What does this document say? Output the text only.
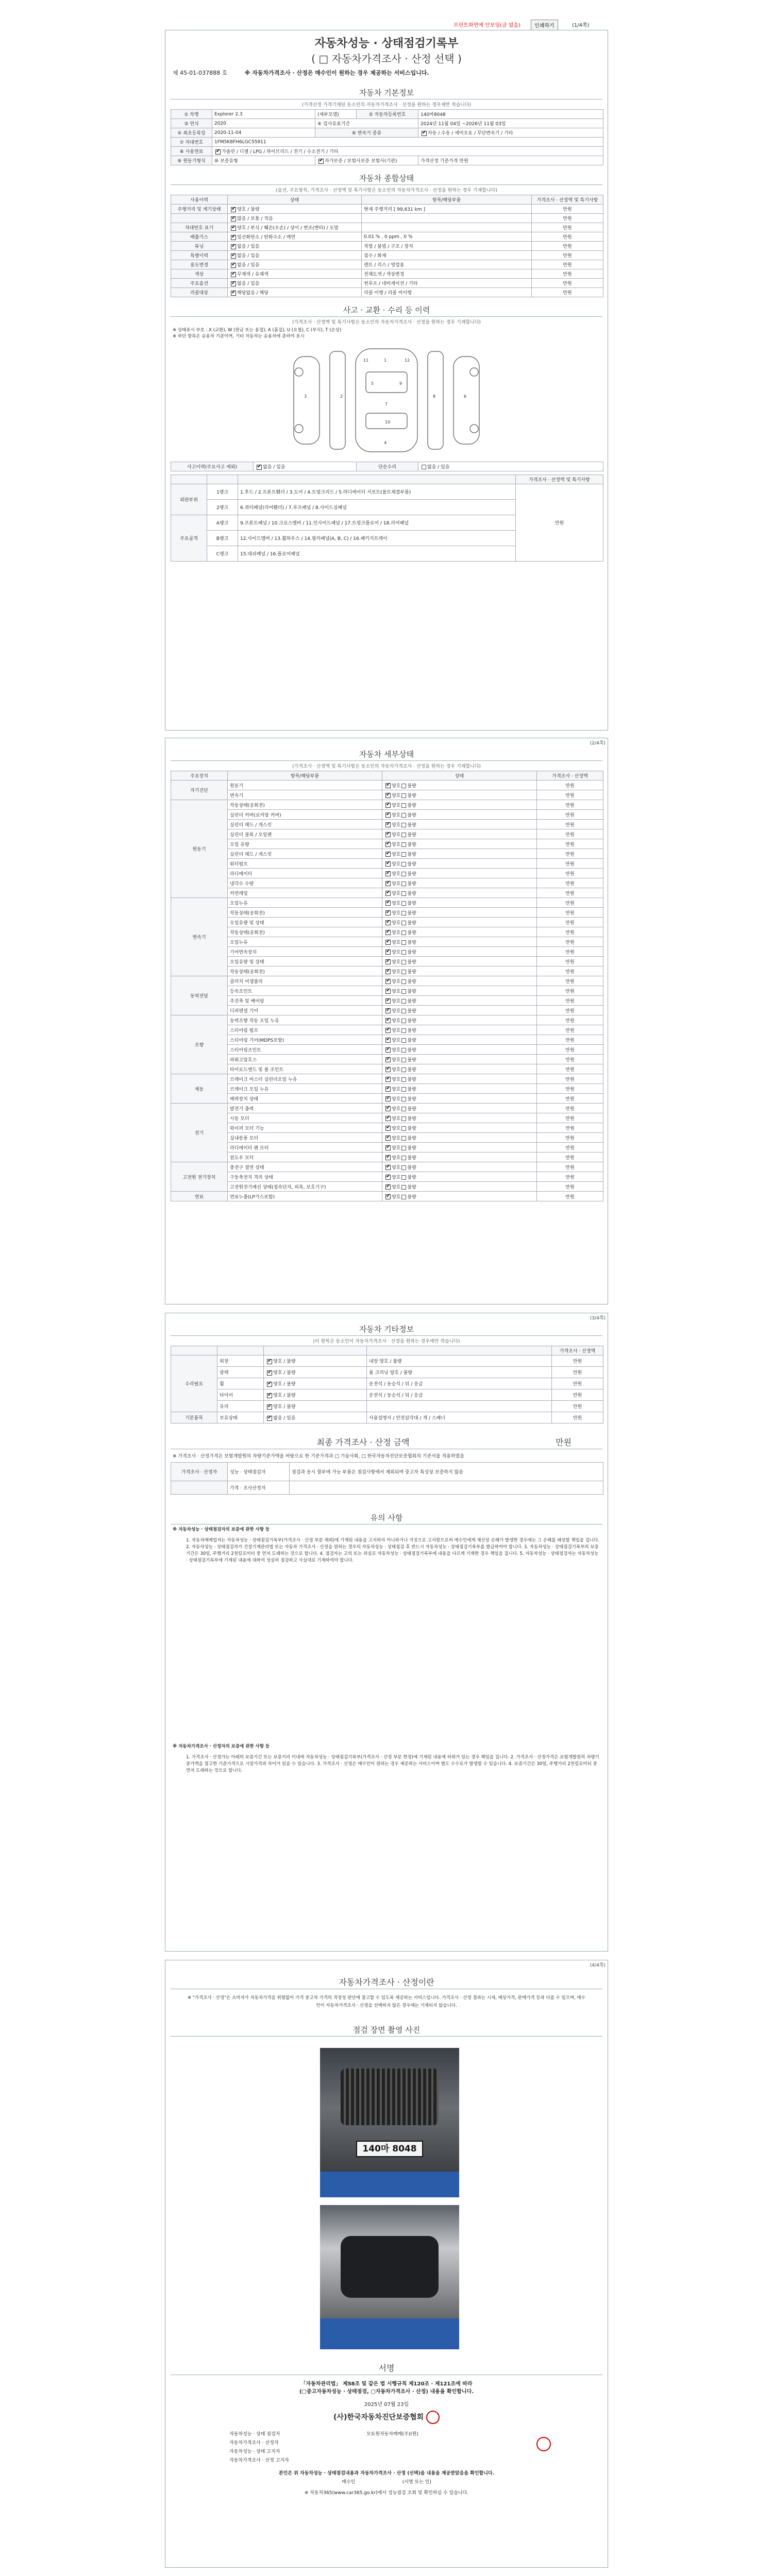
프린트화면에 안보임(클 없음)	인쇄하기	(1/4쪽)
자동차성능 · 상태점검기록부
( □ 자동차가격조사 · 산정 선택 )
제 45-01-037888 호	※ 자동차가격조사 · 산정은 매수인이 원하는 경우 제공하는 서비스입니다.
자동차 기본정보
(가격산정 가격기재된 동소인의 자동차가격조사 · 산정을 원하는 경우제반 적습니다)
① 차명	Explorer 2.3	(세부모델)	② 자동차등록번호	140마8048
③ 연식	2020	④ 검사유효기간		2024년 11월 04일 ~2026년 11월 03일
⑤ 최초등록일	2020-11-04	⑥ 변속기 종류	✔자동 / 수동 / 세미오토 / 무단변속기 / 기타
⑦ 차대번호	1FM5K8FH6LGC55911			
⑧ 사용연료	✔가솔린 / 디젤 / LPG / 하이브리드 / 전기 / 수소전기 / 기타
⑨ 원동기형식	⑩ 보증유형	✔자가보증 / 보험사보증 보험사(기관)		가격산정 기준가격 만원
자동차 종합상태
(옵션, 주요항목, 가격조사 · 산정액 및 특기사항은 동소인의 자동차가격조사 · 산정을 원하는 경우 기재합니다)
사용이력	상태	항목/해당부품	가격조사 · 산정액 및 특기사항
주행거리 및 계기상태	✔양호 / 불량	현재 주행거리 [ 99,631 km ]	만원
	✔많음 / 보통 / 적음		만원
차대번호 표기	✔양호 / 부식 / 훼손(오손) / 상이 / 변조(변타) / 도말		만원
배출가스	✔일산화탄소 / 탄화수소 / 매연	0.01 % , 0 ppm , 0 %	만원
튜닝	✔없음 / 있음	적법 / 불법 / 구조 / 장치	만원
특별이력	✔없음 / 있음	침수 / 화재	만원
용도변경	✔없음 / 있음	렌트 / 리스 / 영업용	만원
색상	✔무채색 / 유채색	전체도색 / 색상변경	만원
주요옵션	✔없음 / 있음	썬루프 / 네비게이션 / 기타	만원
리콜대상	✔해당없음 / 해당	리콜 이행 / 리콜 미이행	만원
사고 · 교환 · 수리 등 이력
(가격조사 · 산정액 및 특기사항은 동소인의 자동차가격조사 · 산정을 원하는 경우 기재합니다)
※ 상태표시 부호 : X (교환), W (판금 또는 용접), A (흠집), U (요철), C (부식), T (손상)
※ 하단 항목은 승용차 기준이며, 기타 자동차는 승용차에 준하여 표시
1
2
3
4
5
6
7
8
9
10
11	12
사고이력(주요사고 제외)	✔없음 / 있음	단순수리	없음 / 있음
			가격조사 · 산정액 및 특기사항
외판부위	1랭크	1.후드 / 2.프론트휀더 / 3.도어 / 4.트렁크리드 / 5.라디에이터 서포트(볼트체결부품)	만원
	2랭크	6.쿼터패널(리어휀더) / 7.루프패널 / 8.사이드실패널	
주요골격	A랭크	9.프론트패널 / 10.크로스멤버 / 11.인사이드패널 / 17.트렁크플로어 / 18.리어패널	
	B랭크	12.사이드멤버 / 13.휠하우스 / 14.필러패널(A, B, C) / 16.패키지트레이	
	C랭크	15.대쉬패널 / 16.플로어패널	
(2/4쪽)
자동차 세부상태
(가격조사 · 산정액 및 특기사항은 동소인의 자동차가격조사 · 산정을 원하는 경우 기재합니다)
주요장치	항목/해당부품	상태	가격조사 · 산정액
자기진단	원동기	✔양호 불량	만원
	변속기	✔양호 불량	만원
원동기	작동상태(공회전)	✔양호 불량	만원
	실린더 커버(로커암 커버)	✔양호 불량	만원
	실린더 헤드 / 개스킷	✔양호 불량	만원
	실린더 블록 / 오일팬	✔양호 불량	만원
	오일 유량	✔양호 불량	만원
	실린더 헤드 / 개스킷	✔양호 불량	만원
	워터펌프	✔양호 불량	만원
	라디에이터	✔양호 불량	만원
	냉각수 수량	✔양호 불량	만원
	커먼레일	✔양호 불량	만원
변속기	오일누유	✔양호 불량	만원
	작동상태(공회전)	✔양호 불량	만원
	오일유량 및 상태	✔양호 불량	만원
	작동상태(공회전)	✔양호 불량	만원
	오일누유	✔양호 불량	만원
	기어변속장치	✔양호 불량	만원
	오일유량 및 상태	✔양호 불량	만원
	작동상태(공회전)	✔양호 불량	만원
동력전달	클러치 어셈블리	✔양호 불량	만원
	등속조인트	✔양호 불량	만원
	추진축 및 베어링	✔양호 불량	만원
	디퍼렌셜 기어	✔양호 불량	만원
조향	동력조향 작동 오일 누유	✔양호 불량	만원
	스티어링 펌프	✔양호 불량	만원
	스티어링 기어(MDPS포함)	✔양호 불량	만원
	스티어링조인트	✔양호 불량	만원
	파워고압호스	✔양호 불량	만원
	타이로드엔드 및 볼 조인트	✔양호 불량	만원
제동	브레이크 마스터 실린더오일 누유	✔양호 불량	만원
	브레이크 오일 누유	✔양호 불량	만원
	배력장치 상태	✔양호 불량	만원
전기	발전기 출력	✔양호 불량	만원
	시동 모터	✔양호 불량	만원
	와이퍼 모터 기능	✔양호 불량	만원
	실내송풍 모터	✔양호 불량	만원
	라디에이터 팬 모터	✔양호 불량	만원
	윈도우 모터	✔양호 불량	만원
고전원 전기장치	충전구 절연 상태	✔양호 불량	만원
	구동축전지 격리 상태	✔양호 불량	만원
	고전원전기배선 상태(접속단자, 피복, 보호기구)	✔양호 불량	만원
연료	연료누출(LP가스포함)	✔양호 불량	만원
(3/4쪽)
자동차 기타정보
(이 항목은 동소인이 자동차가격조사 · 산정을 원하는 경우에만 적습니다)
				가격조사 · 산정액
수리필요	외장	✔양호 / 불량	내장 양호 / 불량	만원
	광택	✔양호 / 불량	룸 크리닝 양호 / 불량	만원
	휠	✔양호 / 불량	운전석 / 동승석 / 뒤 / 응급	만원
	타이어	✔양호 / 불량	운전석 / 동승석 / 뒤 / 응급	만원
	유리	✔양호 / 불량		만원
기본품목	보유상태	✔없음 / 있음	사용설명서 / 안전삼각대 / 잭 / 스패너	만원
최종 가격조사 · 산정 금액	만원
※ 가격조사 · 산정가격은 보험개발원의 차량기준가액을 바탕으로 한 기준가격과 □ 기술사회, □ 한국자동차진단보증협회의 기준서를 적용하였음
가격조사 · 산정자	성능 · 상태점검자	점검과 동시 할부에 가능 부품은 점검사항에서 제외되며 중고차 특성상 보증하지 않음
	가격 · 조사산정자	
유의 사항
※ 자동차성능 · 상태점검자의 보증에 관한 사항 등
1. 자동차매매업자는 자동차성능 · 상태점검기록부(가격조사 · 산정 부분 제외)에 기재된 내용을 고지하지 아니하거나 거짓으로 고지함으로써 매수인에게 재산상 손해가 발생한 경우에는 그 손해를 배상할 책임을 집니다. 2. 자동차성능 · 상태점검자가 건설기계관리법 또는 자동차 가격조사 · 산정을 원하는 경우의 자동차성능 · 상태점검 후 반드시 자동차성능 · 상태점검기록부를 발급하여야 합니다. 3. 자동차성능 · 상태점검기록부의 보증기간은 30일, 주행거리 2천킬로미터 중 먼저 도래하는 것으로 합니다. 4. 점검자는 고의 또는 과실로 자동차성능 · 상태점검기록부에 내용을 다르게 기재한 경우 책임을 집니다. 5. 자동차성능 · 상태점검자는 자동차성능 · 상태점검기록부에 기재된 내용에 대하여 성실히 점검하고 사실대로 기재하여야 합니다.
※ 자동차가격조사 · 산정자의 보증에 관한 사항 등
1. 가격조사 · 산정가는 아래의 보증기간 또는 보증거리 이내에 자동차성능 · 상태점검기록부(가격조사 · 산정 부분 한정)에 기재된 내용에 허위가 있는 경우 책임을 집니다. 2. 가격조사 · 산정가격은 보험개발원의 차량기준가액을 참고한 기준가격으로 시장가격과 차이가 있을 수 있습니다. 3. 가격조사 · 산정은 매수인이 원하는 경우 제공하는 서비스이며 별도 수수료가 발생할 수 있습니다. 4. 보증기간은 30일, 주행거리 2천킬로미터 중 먼저 도래하는 것으로 합니다.
(4/4쪽)
자동차가격조사 · 산정이란
※ "가격조사 · 산정"은 소비자가 자동차가격을 위험없이 가격 중고차 가격의 적정성 판단에 참고할 수 있도록 제공하는 서비스입니다. 가격조사 · 산정 결과는 시세, 예상가격, 판매가격 등과 다를 수 있으며, 매수인이 자동차가격조사 · 산정을 선택하지 않은 경우에는 기재되지 않습니다.
점검 장면 촬영 사진
140마 8048
서명
「자동차관리법」 제58조 및 같은 법 시행규칙 제120조 · 제121조에 따라
(□중고자동차성능 · 상태점검, □자동차가격조사 · 산정) 내용을 확인합니다.
2025년 07월 23일
(사)한국자동차진단보증협회
자동차성능 · 상태 점검자	모토원자동차매매(주)(원)
자동차가격조사 · 산정자	
자동차성능 · 상태 고지자	
자동차가격조사 · 산정 고지자	
본인은 위 자동차성능 · 상태점검내용과 자동차가격조사 · 산정 (선택)을 내용을 제공받았음을 확인합니다.
매수인                                (서명 또는 인)
※ 자동차365(www.car365.go.kr)에서 성능점검 조회 및 확인하실 수 있습니다.
